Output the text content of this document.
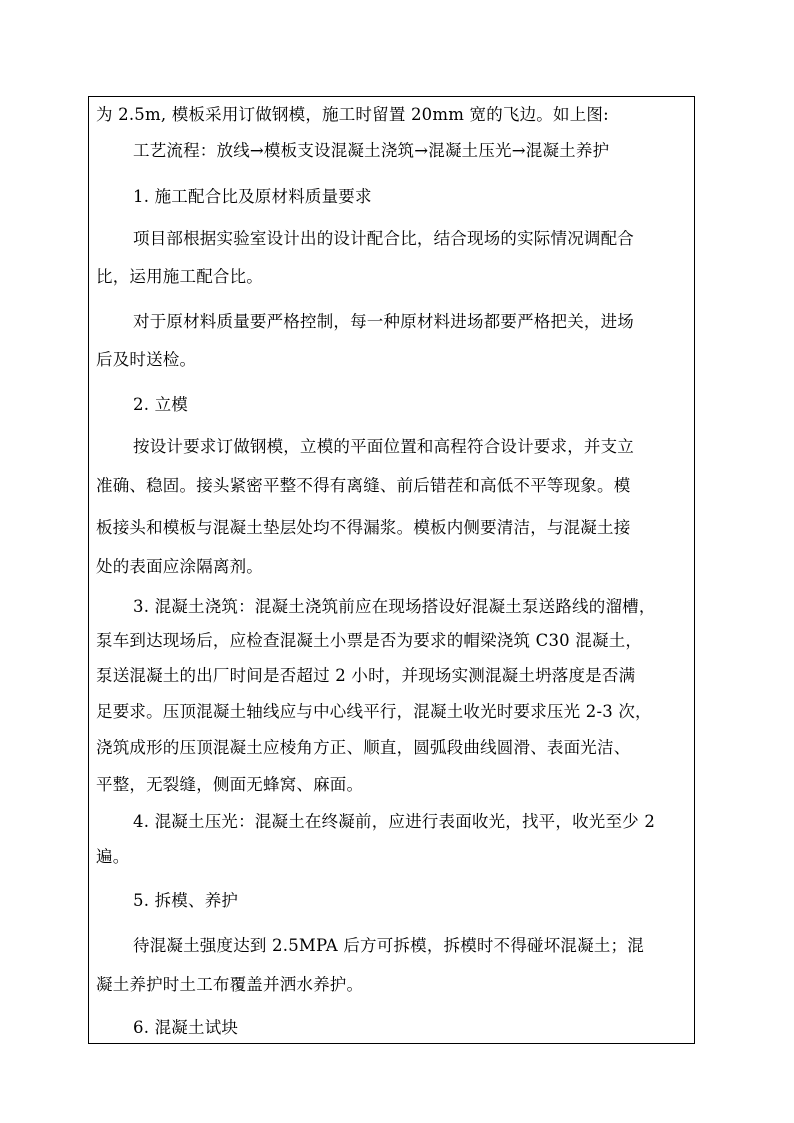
为 2.5m, 模板采用订做钢模，施工时留置 20mm 宽的飞边。如上图:
工艺流程：放线→模板支设混凝土浇筑→混凝土压光→混凝土养护
1. 施工配合比及原材料质量要求
项目部根据实验室设计出的设计配合比，结合现场的实际情况调配合
比，运用施工配合比。
对于原材料质量要严格控制，每一种原材料进场都要严格把关，进场
后及时送检。
2. 立模
按设计要求订做钢模，立模的平面位置和高程符合设计要求，并支立
准确、稳固。接头紧密平整不得有离缝、前后错茬和高低不平等现象。模
板接头和模板与混凝土垫层处均不得漏浆。模板内侧要清洁，与混凝土接
处的表面应涂隔离剂。
3. 混凝土浇筑：混凝土浇筑前应在现场搭设好混凝土泵送路线的溜槽，
泵车到达现场后，应检查混凝土小票是否为要求的帽梁浇筑 C30 混凝土，
泵送混凝土的出厂时间是否超过 2 小时，并现场实测混凝土坍落度是否满
足要求。压顶混凝土轴线应与中心线平行，混凝土收光时要求压光 2-3 次，
浇筑成形的压顶混凝土应棱角方正、顺直，圆弧段曲线圆滑、表面光洁、
平整，无裂缝，侧面无蜂窝、麻面。
4. 混凝土压光：混凝土在终凝前，应进行表面收光，找平，收光至少 2
遍。
5. 拆模、养护
待混凝土强度达到 2.5MPA 后方可拆模，拆模时不得碰坏混凝土；混
凝土养护时土工布覆盖并洒水养护。
6. 混凝土试块
